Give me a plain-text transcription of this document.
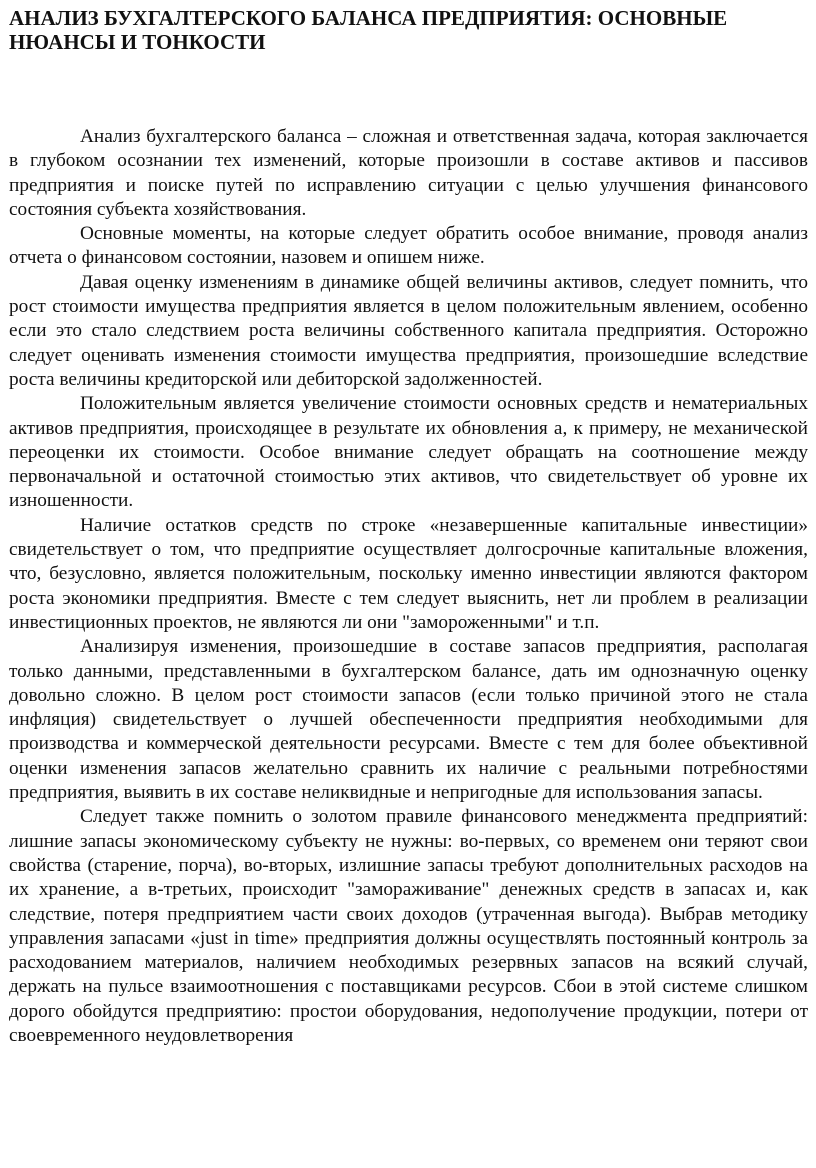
АНАЛИЗ БУХГАЛТЕРСКОГО БАЛАНСА ПРЕДПРИЯТИЯ: ОСНОВНЫЕ НЮАНСЫ И ТОНКОСТИ

Анализ бухгалтерского баланса – сложная и ответственная задача, которая заключается в глубоком осознании тех изменений, которые произошли в составе активов и пассивов предприятия и поиске путей по исправлению ситуации с целью улучшения финансового состояния субъекта хозяйствования.

Основные моменты, на которые следует обратить особое внимание, проводя анализ отчета о финансовом состоянии, назовем и опишем ниже.

Давая оценку изменениям в динамике общей величины активов, следует помнить, что рост стоимости имущества предприятия является в целом положительным явлением, особенно если это стало следствием роста величины собственного капитала предприятия. Осторожно следует оценивать изменения стоимости имущества предприятия, произошедшие вследствие роста величины кредиторской или дебиторской задолженностей.

Положительным является увеличение стоимости основных средств и нематериальных активов предприятия, происходящее в результате их обновления а, к примеру, не механической переоценки их стоимости. Особое внимание следует обращать на соотношение между первоначальной и остаточной стоимостью этих активов, что свидетельствует об уровне их изношенности.

Наличие остатков средств по строке «незавершенные капитальные инвестиции» свидетельствует о том, что предприятие осуществляет долгосрочные капитальные вложения, что, безусловно, является положительным, поскольку именно инвестиции являются фактором роста экономики предприятия. Вместе с тем следует выяснить, нет ли проблем в реализации инвестиционных проектов, не являются ли они "замороженными" и т.п.

Анализируя изменения, произошедшие в составе запасов предприятия, располагая только данными, представленными в бухгалтерском балансе, дать им однозначную оценку довольно сложно. В целом рост стоимости запасов (если только причиной этого не стала инфляция) свидетельствует о лучшей обеспеченности предприятия необходимыми для производства и коммерческой деятельности ресурсами. Вместе с тем для более объективной оценки изменения запасов желательно сравнить их наличие с реальными потребностями предприятия, выявить в их составе неликвидные и непригодные для использования запасы.

Следует также помнить о золотом правиле финансового менеджмента предприятий: лишние запасы экономическому субъекту не нужны: во-первых, со временем они теряют свои свойства (старение, порча), во-вторых, излишние запасы требуют дополнительных расходов на их хранение, а в-третьих, происходит "замораживание" денежных средств в запасах и, как следствие, потеря предприятием части своих доходов (утраченная выгода). Выбрав методику управления запасами «just in time» предприятия должны осуществлять постоянный контроль за расходованием материалов, наличием необходимых резервных запасов на всякий случай, держать на пульсе взаимоотношения с поставщиками ресурсов. Сбои в этой системе слишком дорого обойдутся предприятию: простои оборудования, недополучение продукции, потери от своевременного неудовлетворения
